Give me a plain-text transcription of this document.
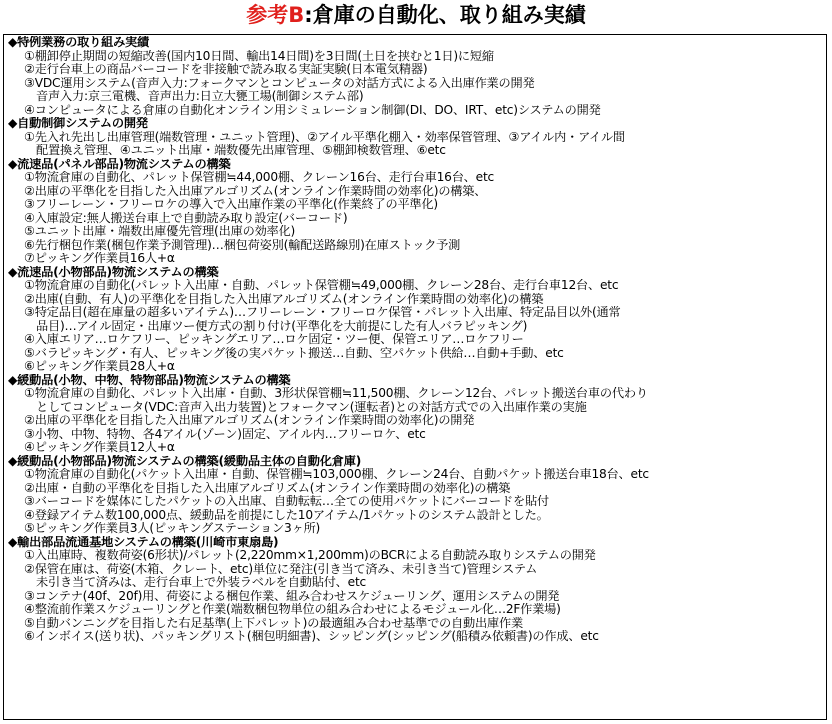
参考B:倉庫の自動化、取り組み実績
◆特例業務の取り組み実績
①棚卸停止期間の短縮改善(国内10日間、輸出14日間)を3日間(土日を挟むと1日)に短縮
②走行台車上の商品バーコードを非接触で読み取る実証実験(日本電気精器)
③VDC運用システム(音声入力:フォークマンとコンピュータの対話方式による入出庫作業の開発
音声入力:京三電機、音声出力:日立大甕工場(制御システム部)
④コンピュータによる倉庫の自動化オンライン用シミュレーション制御(DI、DO、IRT、etc)システムの開発
◆自動制御システムの開発
①先入れ先出し出庫管理(端数管理・ユニット管理)、②アイル平準化棚入・効率保管管理、③アイル内・アイル間
配置換え管理、④ユニット出庫・端数優先出庫管理、⑤棚卸検数管理、⑥etc
◆流速品(パネル部品)物流システムの構築
①物流倉庫の自動化、パレット保管棚≒44,000棚、クレーン16台、走行台車16台、etc
②出庫の平準化を目指した入出庫アルゴリズム(オンライン作業時間の効率化)の構築、
③フリーレーン・フリーロケの導入で入出庫作業の平準化(作業終了の平準化)
④入庫設定:無人搬送台車上で自動読み取り設定(バーコード)
⑤ユニット出庫・端数出庫優先管理(出庫の効率化)
⑥先行梱包作業(梱包作業予測管理)…梱包荷姿別(輸配送路線別)在庫ストック予測
⑦ピッキング作業員16人+α
◆流速品(小物部品)物流システムの構築
①物流倉庫の自動化(パレット入出庫・自動、パレット保管棚≒49,000棚、クレーン28台、走行台車12台、etc
②出庫(自動、有人)の平準化を目指した入出庫アルゴリズム(オンライン作業時間の効率化)の構築
③特定品目(超在庫量の超多いアイテム)…フリーレーン・フリーロケ保管・パレット入出庫、特定品目以外(通常
品目)…アイル固定・出庫ツー便方式の割り付け(平準化を大前提にした有人バラピッキング)
④入庫エリア…ロケフリー、ピッキングエリア…ロケ固定・ツー便、保管エリア…ロケフリー
⑤バラピッキング・有人、ピッキング後の実パケット搬送…自動、空パケット供給…自動+手動、etc
⑥ピッキング作業員28人+α
◆緩動品(小物、中物、特物部品)物流システムの構築
①物流倉庫の自動化、パレット入出庫・自動、3形状保管棚≒11,500棚、クレーン12台、パレット搬送台車の代わり
としてコンピュータ(VDC:音声入出力装置)とフォークマン(運転者)との対話方式での入出庫作業の実施
②出庫の平準化を目指した入出庫アルゴリズム(オンライン作業時間の効率化)の開発
③小物、中物、特物、各4アイル(ゾーン)固定、アイル内…フリーロケ、etc
④ピッキング作業員12人+α
◆緩動品(小物部品)物流システムの構築(緩動品主体の自動化倉庫)
①物流倉庫の自動化(パケット入出庫・自動、保管棚≒103,000棚、クレーン24台、自動パケット搬送台車18台、etc
②出庫・自動の平準化を目指した入出庫アルゴリズム(オンライン作業時間の効率化)の構築
③バーコードを媒体にしたパケットの入出庫、自動転転…全ての使用パケットにバーコードを貼付
④登録アイテム数100,000点、緩動品を前提にした10アイテム/1パケットのシステム設計とした。
⑤ピッキング作業員3人(ピッキングステーション3ヶ所)
◆輸出部品流通基地システムの構築(川崎市東扇島)
①入出庫時、複数荷姿(6形状)/パレット(2,220mm×1,200mm)のBCRによる自動読み取りシステムの開発
②保管在庫は、荷姿(木箱、クレート、etc)単位に発注(引き当て済み、未引き当て)管理システム
未引き当て済みは、走行台車上で外装ラベルを自動貼付、etc
③コンテナ(40f、20f)用、荷姿による梱包作業、組み合わせスケジューリング、運用システムの開発
④整流前作業スケジューリングと作業(端数梱包物単位の組み合わせによるモジュール化…2F作業場)
⑤自動バンニングを目指した右足基準(上下パレット)の最適組み合わせ基準での自動出庫作業
⑥インボイス(送り状)、パッキングリスト(梱包明細書)、シッピング(シッピング(船積み依頼書)の作成、etc
